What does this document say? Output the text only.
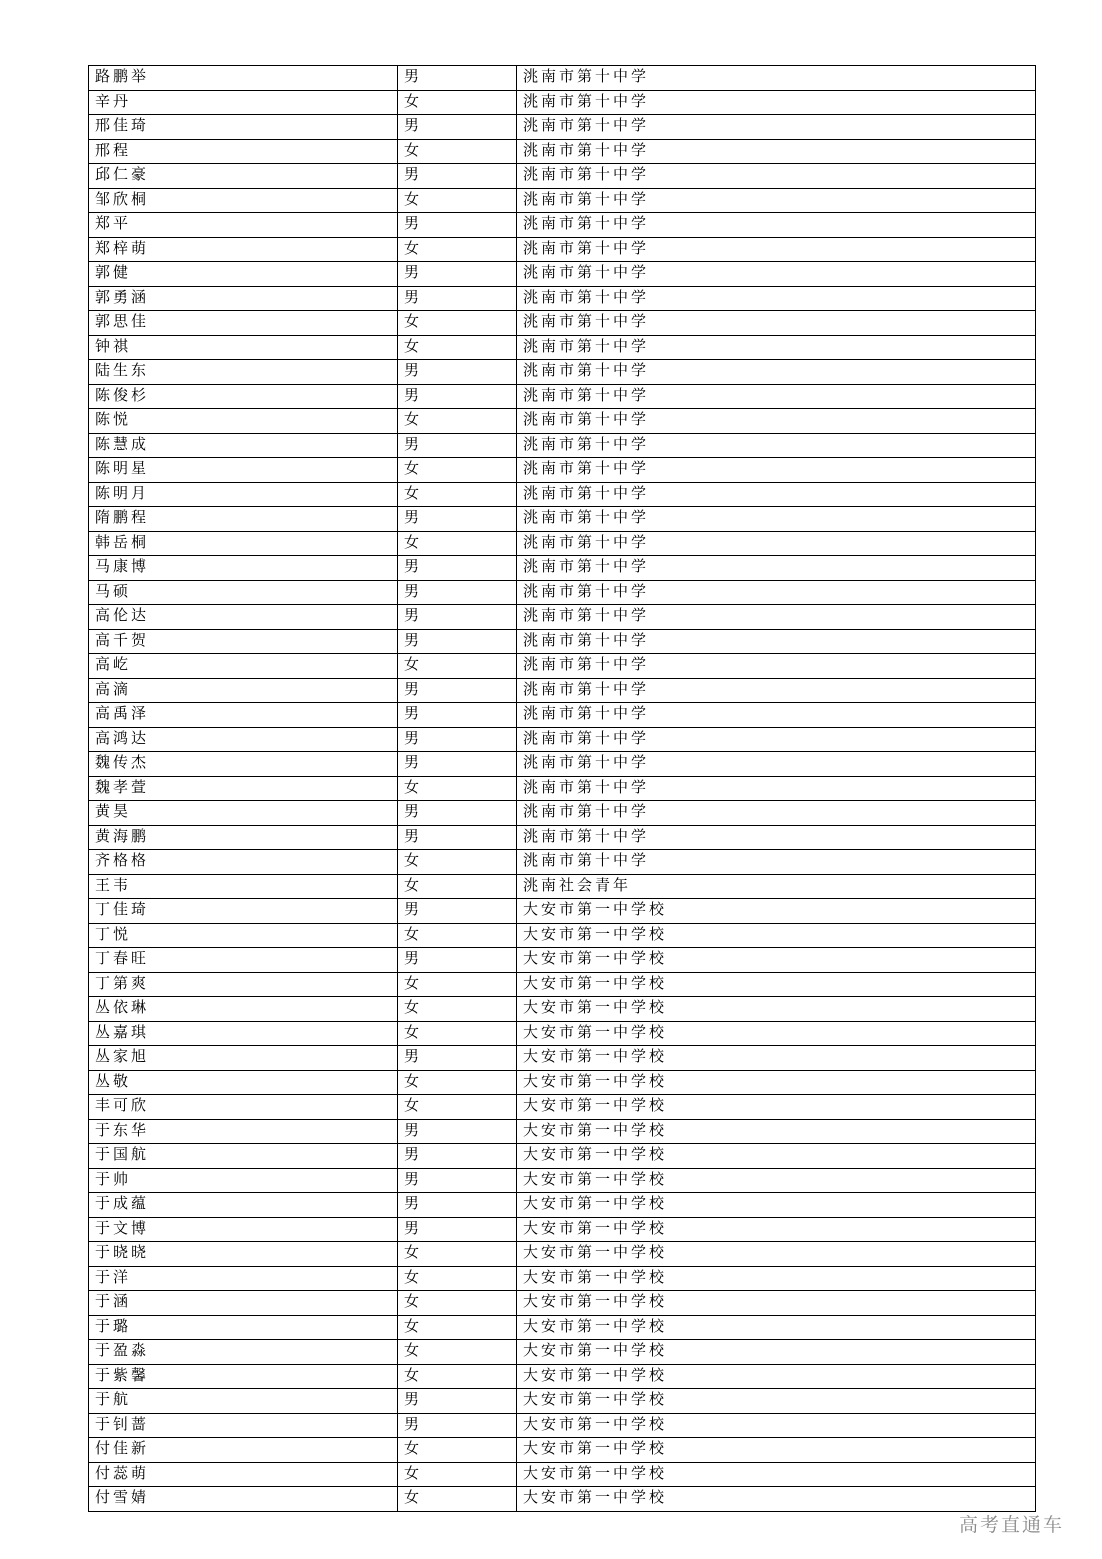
路鹏举	男	洮南市第十中学
辛丹	女	洮南市第十中学
邢佳琦	男	洮南市第十中学
邢程	女	洮南市第十中学
邱仁豪	男	洮南市第十中学
邹欣桐	女	洮南市第十中学
郑平	男	洮南市第十中学
郑梓萌	女	洮南市第十中学
郭健	男	洮南市第十中学
郭勇涵	男	洮南市第十中学
郭思佳	女	洮南市第十中学
钟祺	女	洮南市第十中学
陆生东	男	洮南市第十中学
陈俊杉	男	洮南市第十中学
陈悦	女	洮南市第十中学
陈慧成	男	洮南市第十中学
陈明星	女	洮南市第十中学
陈明月	女	洮南市第十中学
隋鹏程	男	洮南市第十中学
韩岳桐	女	洮南市第十中学
马康博	男	洮南市第十中学
马硕	男	洮南市第十中学
高伦达	男	洮南市第十中学
高千贺	男	洮南市第十中学
高屹	女	洮南市第十中学
高滴	男	洮南市第十中学
高禹泽	男	洮南市第十中学
高鸿达	男	洮南市第十中学
魏传杰	男	洮南市第十中学
魏孝萱	女	洮南市第十中学
黄昊	男	洮南市第十中学
黄海鹏	男	洮南市第十中学
齐格格	女	洮南市第十中学
王韦	女	洮南社会青年
丁佳琦	男	大安市第一中学校
丁悦	女	大安市第一中学校
丁春旺	男	大安市第一中学校
丁第爽	女	大安市第一中学校
丛依琳	女	大安市第一中学校
丛嘉琪	女	大安市第一中学校
丛家旭	男	大安市第一中学校
丛敬	女	大安市第一中学校
丰可欣	女	大安市第一中学校
于东华	男	大安市第一中学校
于国航	男	大安市第一中学校
于帅	男	大安市第一中学校
于成蕴	男	大安市第一中学校
于文博	男	大安市第一中学校
于晓晓	女	大安市第一中学校
于洋	女	大安市第一中学校
于涵	女	大安市第一中学校
于璐	女	大安市第一中学校
于盈淼	女	大安市第一中学校
于紫馨	女	大安市第一中学校
于航	男	大安市第一中学校
于钊蔷	男	大安市第一中学校
付佳新	女	大安市第一中学校
付蕊萌	女	大安市第一中学校
付雪婧	女	大安市第一中学校
高考直通车
